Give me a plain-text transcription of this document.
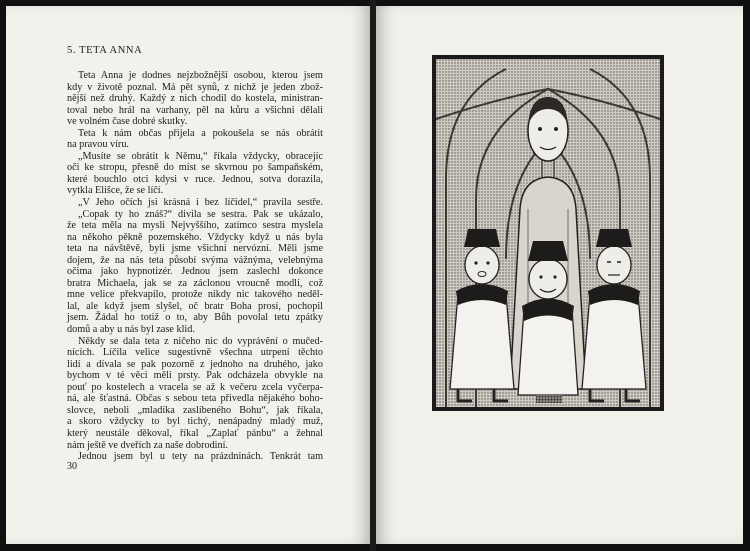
5. TETA ANNA
Teta Anna je dodnes nejzbožnější osobou, kterou jsem
kdy v životě poznal. Má pět synů, z nichž je jeden zbož-
nější než druhý. Každý z nich chodil do kostela, ministran-
toval nebo hrál na varhany, pěl na kůru a všichni dělali
ve volném čase dobré skutky.
Teta k nám občas přijela a pokoušela se nás obrátit
na pravou víru.
„Musíte se obrátit k Němu,“ říkala vždycky, obracejíc
oči ke stropu, přesně do míst se skvrnou po šampaňském,
které bouchlo otci kdysi v ruce. Jednou, sotva dorazila,
vytkla Elišce, že se líčí.
„V Jeho očích jsi krásná i bez líčidel,“ pravila sestře.
„Copak ty ho znáš?“ divila se sestra. Pak se ukázalo,
že teta měla na mysli Nejvyššího, zatímco sestra myslela
na někoho pěkně pozemského. Vždycky když u nás byla
teta na návštěvě, byli jsme všichni nervózní. Měli jsme
dojem, že na nás teta působí svýma vážnýma, velebnýma
očima jako hypnotizér. Jednou jsem zaslechl dokonce
bratra Michaela, jak se za záclonou vroucně modlí, což
mne velice překvapilo, protože nikdy nic takového neděl-
lal, ale když jsem slyšel, oč bratr Boha prosí, pochopil
jsem. Žádal ho totiž o to, aby Bůh povolal tetu zpátky
domů a aby u nás byl zase klid.
Někdy se dala teta z ničeho nic do vyprávění o mučed-
nících. Líčila velice sugestivně všechna utrpení těchto
lidí a dívala se pak pozorně z jednoho na druhého, jako
bychom v té věci měli prsty. Pak odcházela obvykle na
pouť po kostelech a vracela se až k večeru zcela vyčerpa-
ná, ale šťastná. Občas s sebou teta přivedla nějakého boho-
slovce, neboli „mladíka zaslíbeného Bohu“, jak říkala,
a skoro vždycky to byl tichý, nenápadný mladý muž,
který neustále děkoval, říkal „Zaplať pánbu“ a žehnal
nám ještě ve dveřích za naše dobrodiní.
Jednou jsem byl u tety na prázdninách. Tenkrát tam
30
